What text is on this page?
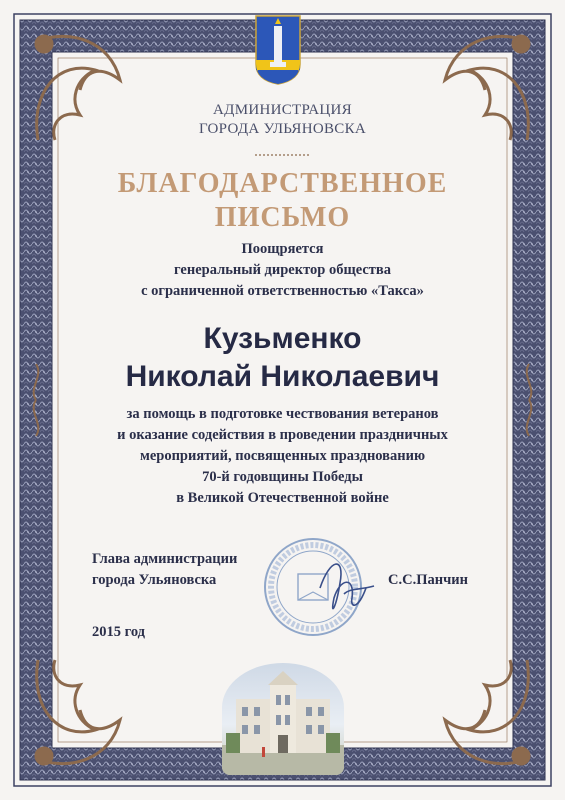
АДМИНИСТРАЦИЯ
ГОРОДА УЛЬЯНОВСКА
БЛАГОДАРСТВЕННОЕ
ПИСЬМО
Поощряется
генеральный директор общества
с ограниченной ответственностью «Такса»
Кузьменко
Николай Николаевич
за помощь в подготовке чествования ветеранов
и оказание содействия в проведении праздничных
мероприятий, посвященных празднованию
70-й годовщины Победы
в Великой Отечественной войне
Глава администрации
города Ульяновска	С.С.Панчин
2015 год
